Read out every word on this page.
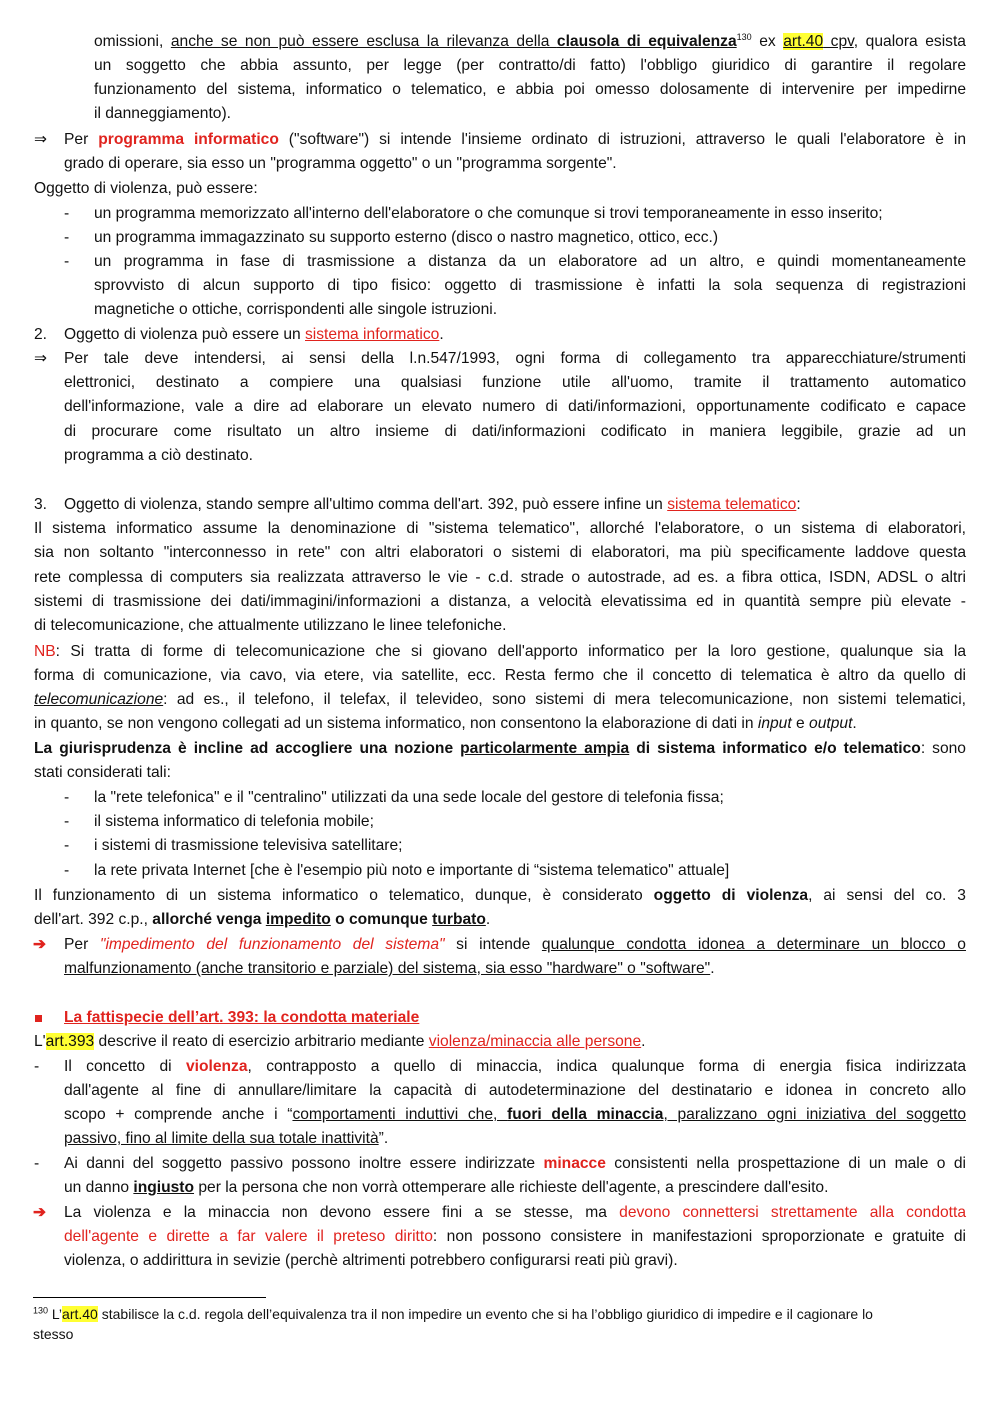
omissioni, anche se non può essere esclusa la rilevanza della clausola di equivalenza$^{130}$ ex art.40 cpv, qualora esista
un soggetto che abbia assunto, per legge (per contratto/di fatto) l'obbligo giuridico di garantire il regolare
funzionamento del sistema, informatico o telematico, e abbia poi omesso dolosamente di intervenire per impedirne
il danneggiamento).
⇒ Per programma informatico ("software") si intende l'insieme ordinato di istruzioni, attraverso le quali l'elaboratore è in
grado di operare, sia esso un "programma oggetto" o un "programma sorgente".
Oggetto di violenza, può essere:
- un programma memorizzato all'interno dell'elaboratore o che comunque si trovi temporaneamente in esso inserito;
- un programma immagazzinato su supporto esterno (disco o nastro magnetico, ottico, ecc.)
- un programma in fase di trasmissione a distanza da un elaboratore ad un altro, e quindi momentaneamente
sprovvisto di alcun supporto di tipo fisico: oggetto di trasmissione è infatti la sola sequenza di registrazioni
magnetiche o ottiche, corrispondenti alle singole istruzioni.
2. Oggetto di violenza può essere un sistema informatico.
⇒ Per tale deve intendersi, ai sensi della l.n.547/1993, ogni forma di collegamento tra apparecchiature/strumenti
elettronici, destinato a compiere una qualsiasi funzione utile all'uomo, tramite il trattamento automatico
dell'informazione, vale a dire ad elaborare un elevato numero di dati/informazioni, opportunamente codificato e capace
di procurare come risultato un altro insieme di dati/informazioni codificato in maniera leggibile, grazie ad un
programma a ciò destinato.
3. Oggetto di violenza, stando sempre all'ultimo comma dell'art. 392, può essere infine un sistema telematico:
Il sistema informatico assume la denominazione di "sistema telematico", allorché l'elaboratore, o un sistema di elaboratori,
sia non soltanto "interconnesso in rete" con altri elaboratori o sistemi di elaboratori, ma più specificamente laddove questa
rete complessa di computers sia realizzata attraverso le vie - c.d. strade o autostrade, ad es. a fibra ottica, ISDN, ADSL o altri
sistemi di trasmissione dei dati/immagini/informazioni a distanza, a velocità elevatissima ed in quantità sempre più elevate -
di telecomunicazione, che attualmente utilizzano le linee telefoniche.
NB: Si tratta di forme di telecomunicazione che si giovano dell'apporto informatico per la loro gestione, qualunque sia la
forma di comunicazione, via cavo, via etere, via satellite, ecc. Resta fermo che il concetto di telematica è altro da quello di
telecomunicazione: ad es., il telefono, il telefax, il televideo, sono sistemi di mera telecomunicazione, non sistemi telematici,
in quanto, se non vengono collegati ad un sistema informatico, non consentono la elaborazione di dati in input e output.
La giurisprudenza è incline ad accogliere una nozione particolarmente ampia di sistema informatico e/o telematico: sono
stati considerati tali:
- la "rete telefonica" e il "centralino" utilizzati da una sede locale del gestore di telefonia fissa;
- il sistema informatico di telefonia mobile;
- i sistemi di trasmissione televisiva satellitare;
- la rete privata Internet [che è l'esempio più noto e importante di “sistema telematico" attuale]
Il funzionamento di un sistema informatico o telematico, dunque, è considerato oggetto di violenza, ai sensi del co. 3
dell'art. 392 c.p., allorché venga impedito o comunque turbato.
➔ Per "impedimento del funzionamento del sistema" si intende qualunque condotta idonea a determinare un blocco o
malfunzionamento (anche transitorio e parziale) del sistema, sia esso "hardware" o "software".
La fattispecie dell’art. 393: la condotta materiale
L'art.393 descrive il reato di esercizio arbitrario mediante violenza/minaccia alle persone.
- Il concetto di violenza, contrapposto a quello di minaccia, indica qualunque forma di energia fisica indirizzata
dall'agente al fine di annullare/limitare la capacità di autodeterminazione del destinatario e idonea in concreto allo
scopo + comprende anche i “comportamenti induttivi che, fuori della minaccia, paralizzano ogni iniziativa del soggetto
passivo, fino al limite della sua totale inattività”.
- Ai danni del soggetto passivo possono inoltre essere indirizzate minacce consistenti nella prospettazione di un male o di
un danno ingiusto per la persona che non vorrà ottemperare alle richieste dell'agente, a prescindere dall'esito.
➔ La violenza e la minaccia non devono essere fini a se stesse, ma devono connettersi strettamente alla condotta
dell'agente e dirette a far valere il preteso diritto: non possono consistere in manifestazioni sproporzionate e gratuite di
violenza, o addirittura in sevizie (perchè altrimenti potrebbero configurarsi reati più gravi).
$^{130}$ L’art.40 stabilisce la c.d. regola dell’equivalenza tra il non impedire un evento che si ha l’obbligo giuridico di impedire e il cagionare lo
stesso
